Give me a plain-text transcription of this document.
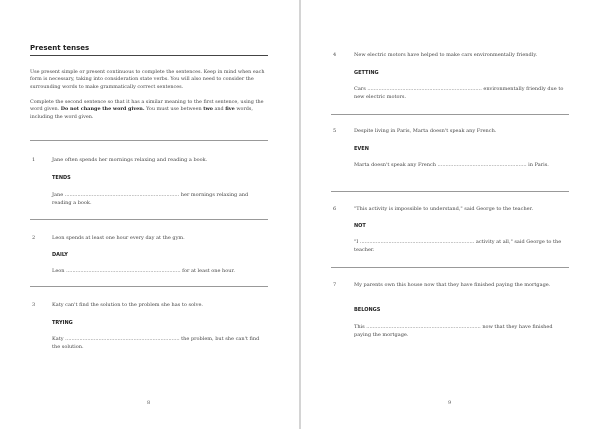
Present tenses
Use present simple or present continuous to complete the sentences. Keep in mind when each form is necessary, taking into consideration state verbs. You will also need to consider the surrounding words to make grammatically correct sentences.
Complete the second sentence so that it has a similar meaning to the first sentence, using the word given. Do not change the word given. You must use between two and five words, including the word given.
1	Jane often spends her mornings relaxing and reading a book.
TENDS
Jane ........................................................................ her mornings relaxing and reading a book.
2	Leon spends at least one hour every day at the gym.
DAILY
Leon ........................................................................ for at least one hour.
3	Katy can't find the solution to the problem she has to solve.
TRYING
Katy ........................................................................ the problem, but she can't find the solution.
8
4	New electric motors have helped to make cars environmentally friendly.
GETTING
Cars ........................................................................ environmentally friendly due to new electric motors.
5	Despite living in Paris, Marta doesn't speak any French.
EVEN
Marta doesn't speak any French ........................................................ in Paris.
6	"This activity is impossible to understand," said George to the teacher.
NOT
"I ........................................................................ activity at all," said George to the teacher.
7	My parents own this house now that they have finished paying the mortgage.
BELONGS
This ........................................................................ now that they have finished paying the mortgage.
9
